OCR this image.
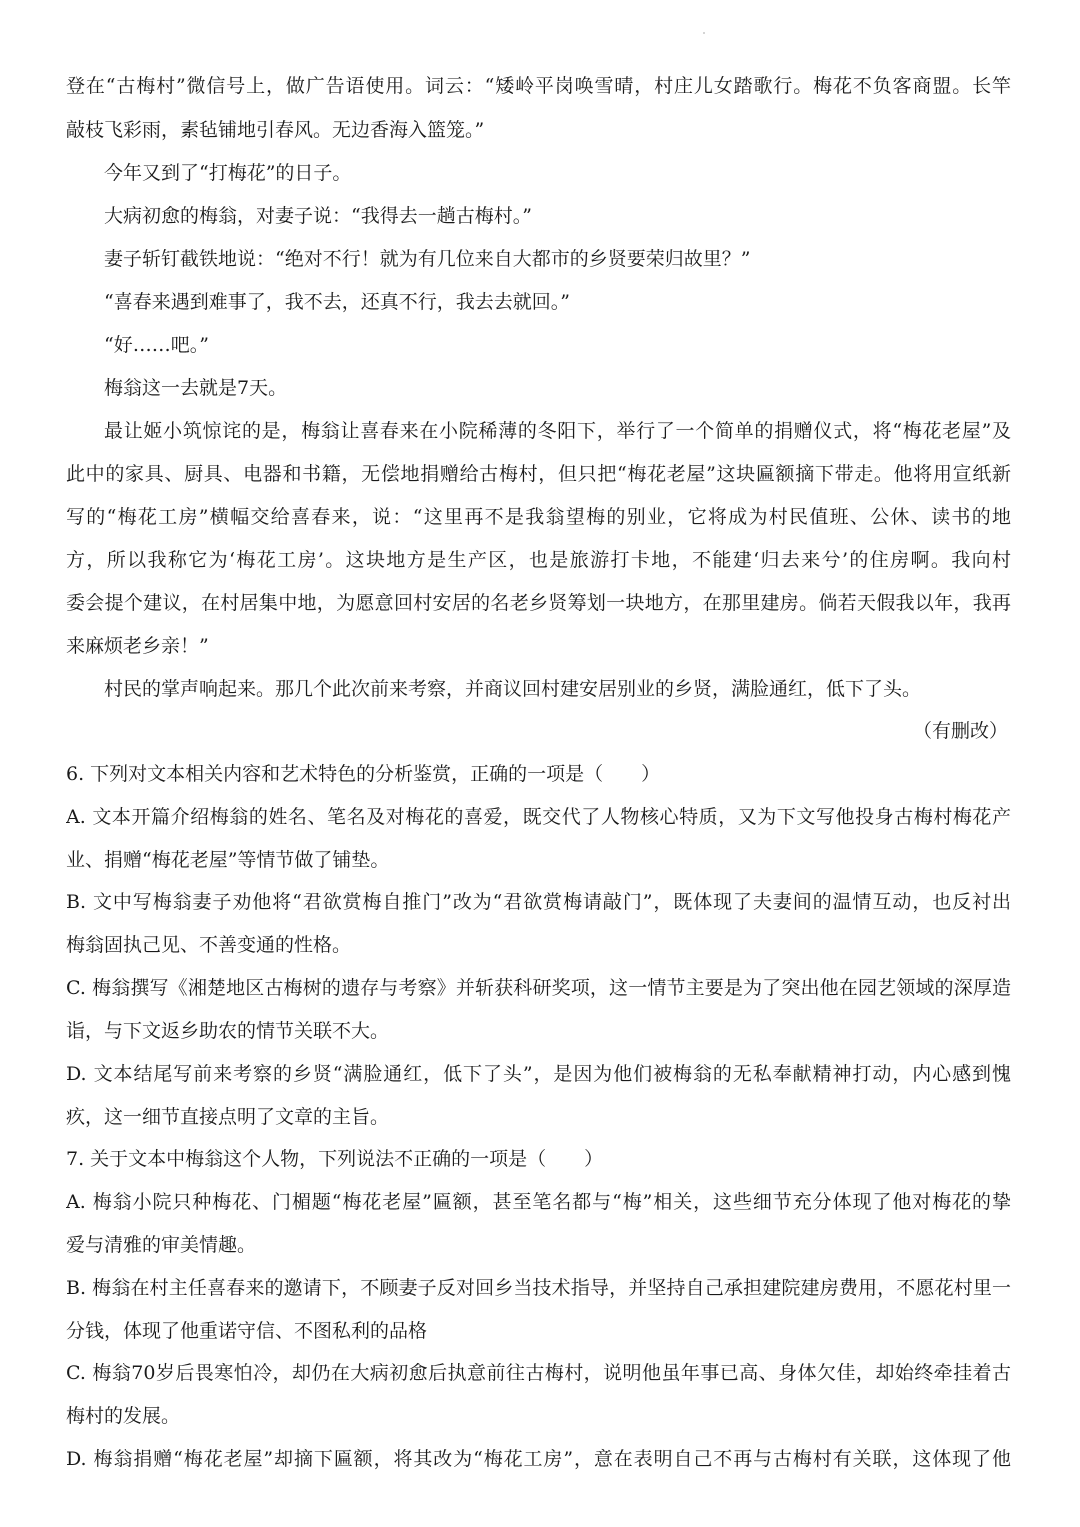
登在“古梅村”微信号上，做广告语使用。词云：“矮岭平岗唤雪晴，村庄儿女踏歌行。梅花不负客商盟。长竿
敲枝飞彩雨，素毡铺地引春风。无边香海入篮笼。”
今年又到了“打梅花”的日子。
大病初愈的梅翁，对妻子说：“我得去一趟古梅村。”
妻子斩钉截铁地说：“绝对不行！就为有几位来自大都市的乡贤要荣归故里？”
“喜春来遇到难事了，我不去，还真不行，我去去就回。”
“好……吧。”
梅翁这一去就是7天。
最让姬小筑惊诧的是，梅翁让喜春来在小院稀薄的冬阳下，举行了一个简单的捐赠仪式，将“梅花老屋”及
此中的家具、厨具、电器和书籍，无偿地捐赠给古梅村，但只把“梅花老屋”这块匾额摘下带走。他将用宣纸新
写的“梅花工房”横幅交给喜春来，说：“这里再不是我翁望梅的别业，它将成为村民值班、公休、读书的地
方，所以我称它为‘梅花工房’。这块地方是生产区，也是旅游打卡地，不能建‘归去来兮’的住房啊。我向村
委会提个建议，在村居集中地，为愿意回村安居的名老乡贤筹划一块地方，在那里建房。倘若天假我以年，我再
来麻烦老乡亲！”
村民的掌声响起来。那几个此次前来考察，并商议回村建安居别业的乡贤，满脸通红，低下了头。
（有删改）
6. 下列对文本相关内容和艺术特色的分析鉴赏，正确的一项是（　　）
A. 文本开篇介绍梅翁的姓名、笔名及对梅花的喜爱，既交代了人物核心特质，又为下文写他投身古梅村梅花产
业、捐赠“梅花老屋”等情节做了铺垫。
B. 文中写梅翁妻子劝他将“君欲赏梅自推门”改为“君欲赏梅请敲门”，既体现了夫妻间的温情互动，也反衬出
梅翁固执己见、不善变通的性格。
C. 梅翁撰写《湘楚地区古梅树的遗存与考察》并斩获科研奖项，这一情节主要是为了突出他在园艺领域的深厚造
诣，与下文返乡助农的情节关联不大。
D. 文本结尾写前来考察的乡贤“满脸通红，低下了头”，是因为他们被梅翁的无私奉献精神打动，内心感到愧
疚，这一细节直接点明了文章的主旨。
7. 关于文本中梅翁这个人物，下列说法不正确的一项是（　　）
A. 梅翁小院只种梅花、门楣题“梅花老屋”匾额，甚至笔名都与“梅”相关，这些细节充分体现了他对梅花的挚
爱与清雅的审美情趣。
B. 梅翁在村主任喜春来的邀请下，不顾妻子反对回乡当技术指导，并坚持自己承担建院建房费用，不愿花村里一
分钱，体现了他重诺守信、不图私利的品格
C. 梅翁70岁后畏寒怕冷，却仍在大病初愈后执意前往古梅村，说明他虽年事已高、身体欠佳，却始终牵挂着古
梅村的发展。
D. 梅翁捐赠“梅花老屋”却摘下匾额，将其改为“梅花工房”，意在表明自己不再与古梅村有关联，这体现了他
